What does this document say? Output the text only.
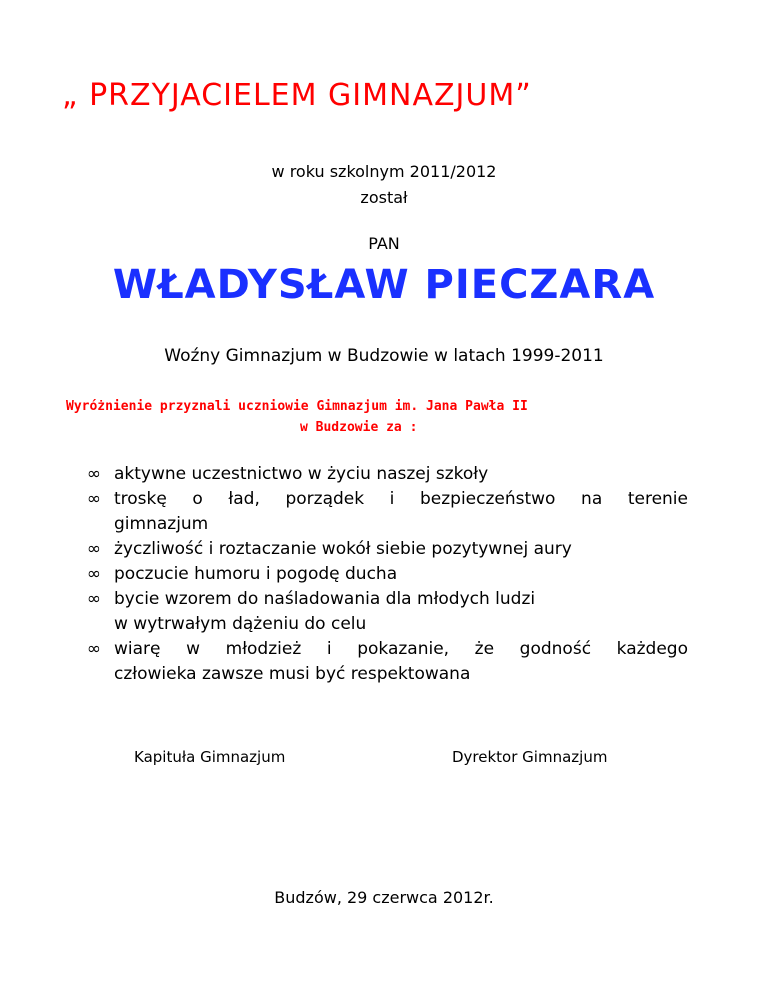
„ PRZYJACIELEM GIMNAZJUM”
w roku szkolnym 2011/2012
został
PAN
WŁADYSŁAW PIECZARA
Woźny Gimnazjum w Budzowie w latach 1999-2011
Wyróżnienie przyznali uczniowie Gimnazjum im. Jana Pawła II
w Budzowie za :
∞ aktywne uczestnictwo w życiu naszej szkoły
∞ troskę o ład, porządek i bezpieczeństwo na terenie
gimnazjum
∞ życzliwość i roztaczanie wokół siebie pozytywnej aury
∞ poczucie humoru i pogodę ducha
∞ bycie wzorem do naśladowania dla młodych ludzi
w wytrwałym dążeniu do celu
∞ wiarę w młodzież i pokazanie, że godność każdego
człowieka zawsze musi być respektowana
Kapituła Gimnazjum	Dyrektor Gimnazjum
Budzów, 29 czerwca 2012r.
